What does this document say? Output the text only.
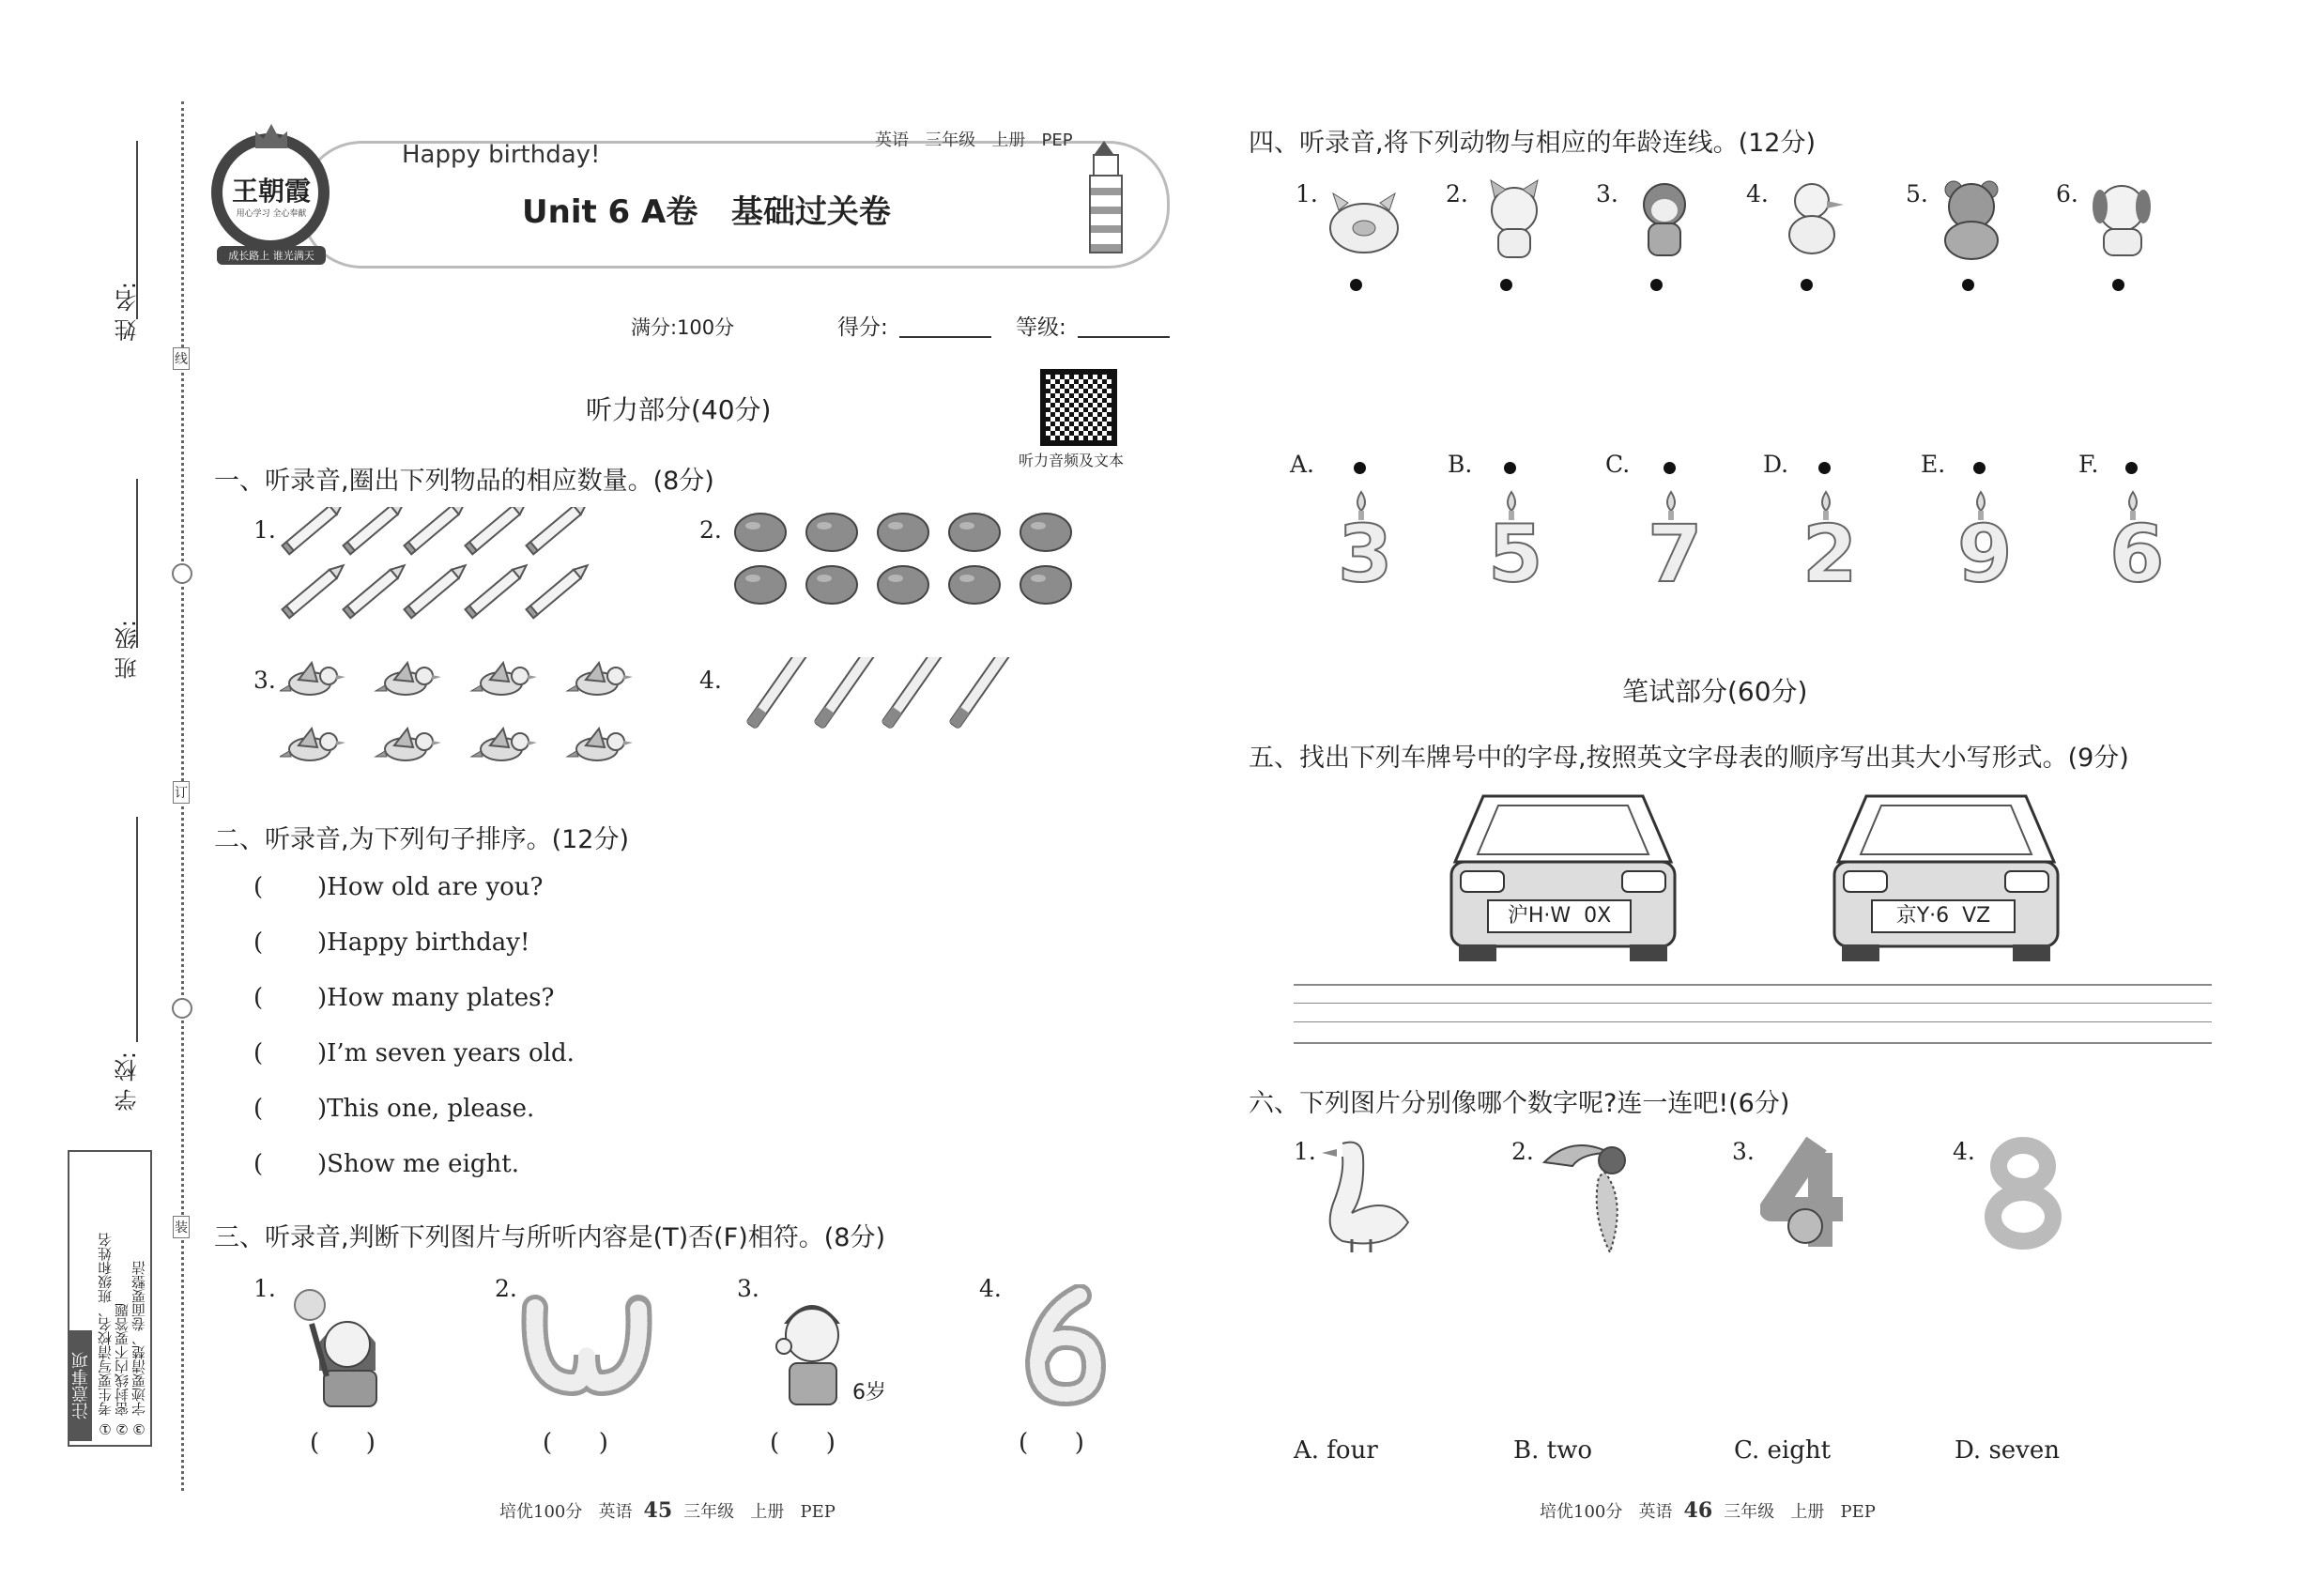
姓 名:
班 级:
学 校:
线
订
装
注意事项 ① 考生要写清校名、班级和姓名 ② 密封线内不要答题 ③ 字迹要清楚、卷面要整洁
王朝霞
用心学习 全心奉献
成长路上 谁光满天
Happy birthday!
英语 三年级 上册 PEP
Unit 6 A卷   基础过关卷
满分:100分	得分:	等级:
听力音频及文本
听力部分(40分)
一、听录音,圈出下列物品的相应数量。(8分)
1.	2.
3.	4.
二、听录音,为下列句子排序。(12分)
(       )How old are you?
(       )Happy birthday!
(       )How many plates?
(       )I’m seven years old.
(       )This one, please.
(       )Show me eight.
三、听录音,判断下列图片与所听内容是(T)否(F)相符。(8分)
1.	2.	3.	4.
6岁
(      )	(      )	(      )	(      )
培优100分   英语 45 三年级   上册   PEP
四、听录音,将下列动物与相应的年龄连线。(12分)
1.	2.	3.	4.	5.	6.
A.	B.	C.	D.	E.	F.
3 5 7 2 9 6
笔试部分(60分)
五、找出下列车牌号中的字母,按照英文字母表的顺序写出其大小写形式。(9分)
沪H·W  0X	京Y·6  VZ
六、下列图片分别像哪个数字呢?连一连吧!(6分)
1.	2.	3.	4.
A. four	B. two	C. eight	D. seven
培优100分   英语 46 三年级   上册   PEP
